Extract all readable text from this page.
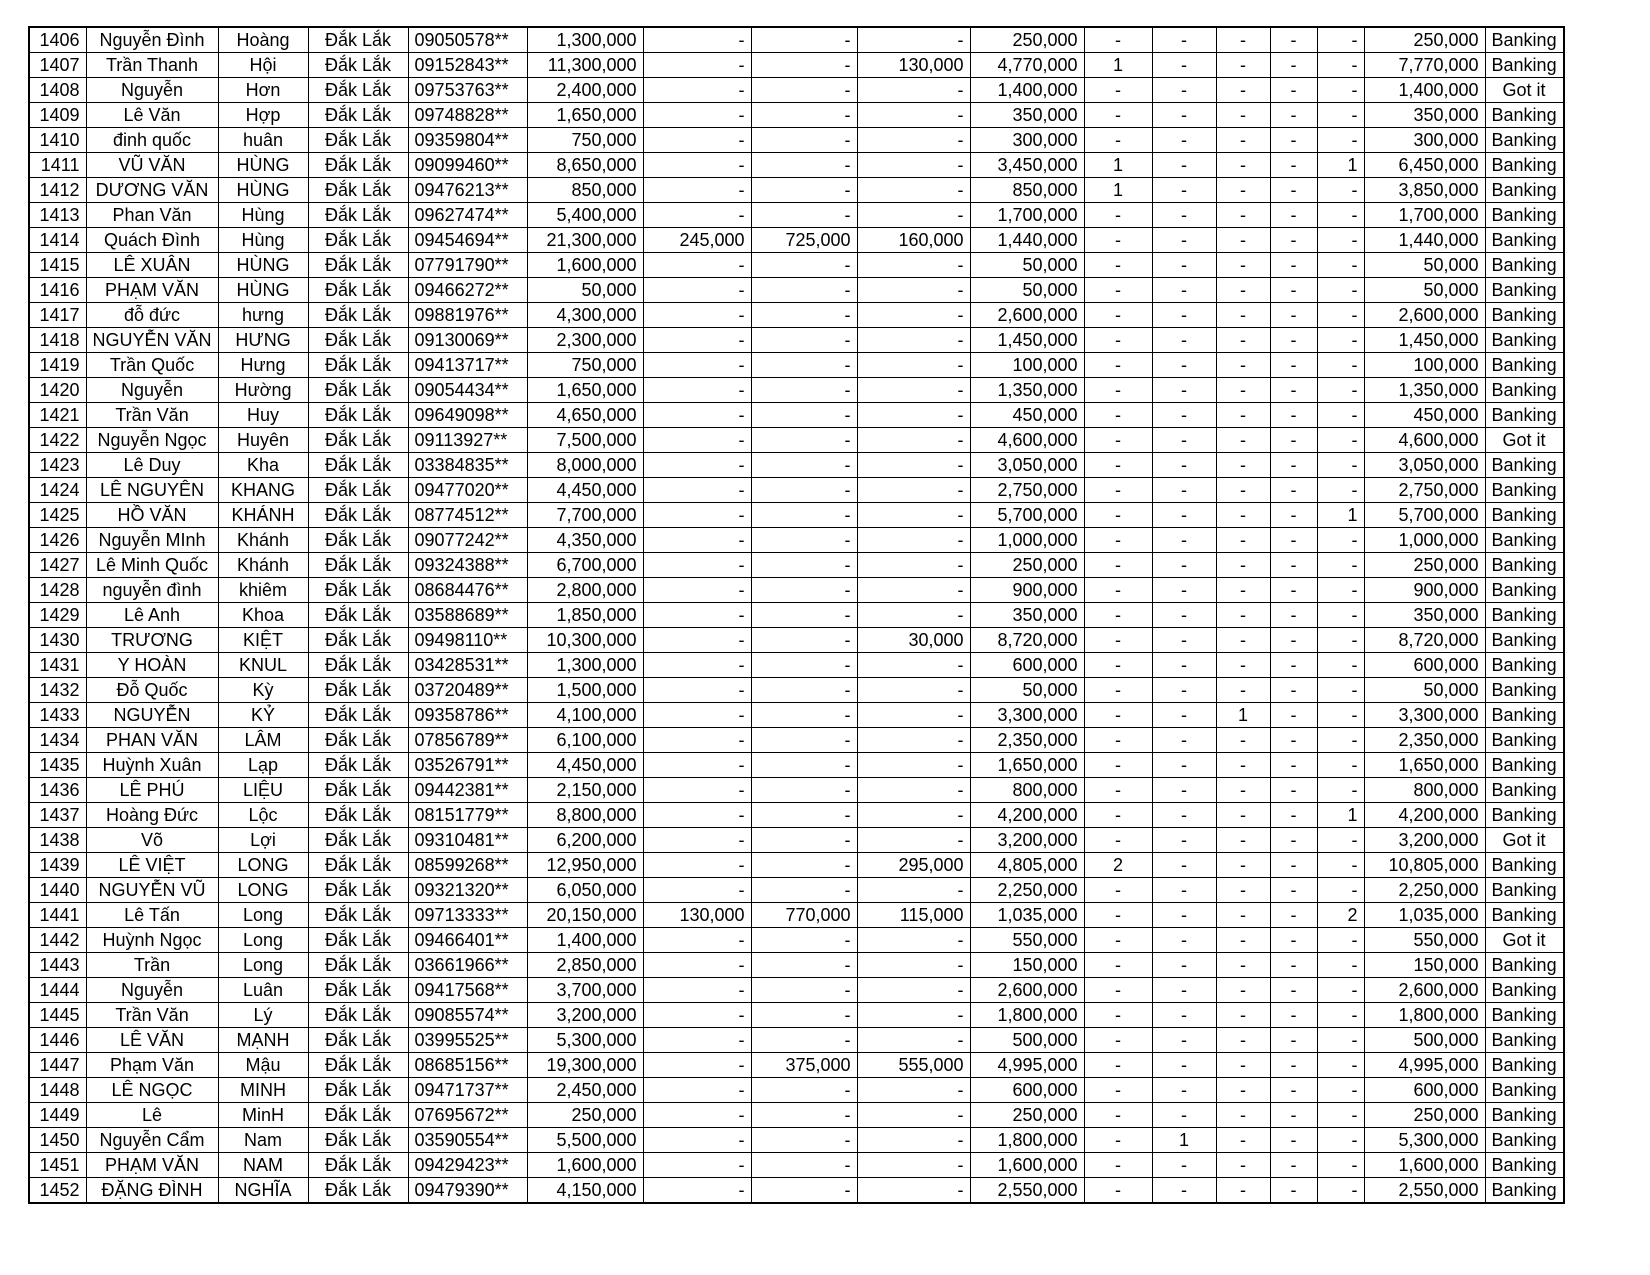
1406	Nguyễn Đình	Hoàng	Đắk Lắk	09050578**	1,300,000	-	-	-	250,000	-	-	-	-	-	250,000	Banking
1407	Trần Thanh	Hội	Đắk Lắk	09152843**	11,300,000	-	-	130,000	4,770,000	1	-	-	-	-	7,770,000	Banking
1408	Nguyễn	Hơn	Đắk Lắk	09753763**	2,400,000	-	-	-	1,400,000	-	-	-	-	-	1,400,000	Got it
1409	Lê Văn	Hợp	Đắk Lắk	09748828**	1,650,000	-	-	-	350,000	-	-	-	-	-	350,000	Banking
1410	đinh quốc	huân	Đắk Lắk	09359804**	750,000	-	-	-	300,000	-	-	-	-	-	300,000	Banking
1411	VŨ VĂN	HÙNG	Đắk Lắk	09099460**	8,650,000	-	-	-	3,450,000	1	-	-	-	1	6,450,000	Banking
1412	DƯƠNG VĂN	HÙNG	Đắk Lắk	09476213**	850,000	-	-	-	850,000	1	-	-	-	-	3,850,000	Banking
1413	Phan Văn	Hùng	Đắk Lắk	09627474**	5,400,000	-	-	-	1,700,000	-	-	-	-	-	1,700,000	Banking
1414	Quách Đình	Hùng	Đắk Lắk	09454694**	21,300,000	245,000	725,000	160,000	1,440,000	-	-	-	-	-	1,440,000	Banking
1415	LÊ XUÂN	HÙNG	Đắk Lắk	07791790**	1,600,000	-	-	-	50,000	-	-	-	-	-	50,000	Banking
1416	PHẠM VĂN	HÙNG	Đắk Lắk	09466272**	50,000	-	-	-	50,000	-	-	-	-	-	50,000	Banking
1417	đỗ đức	hưng	Đắk Lắk	09881976**	4,300,000	-	-	-	2,600,000	-	-	-	-	-	2,600,000	Banking
1418	NGUYỄN VĂN	HƯNG	Đắk Lắk	09130069**	2,300,000	-	-	-	1,450,000	-	-	-	-	-	1,450,000	Banking
1419	Trần Quốc	Hưng	Đắk Lắk	09413717**	750,000	-	-	-	100,000	-	-	-	-	-	100,000	Banking
1420	Nguyễn	Hường	Đắk Lắk	09054434**	1,650,000	-	-	-	1,350,000	-	-	-	-	-	1,350,000	Banking
1421	Trần Văn	Huy	Đắk Lắk	09649098**	4,650,000	-	-	-	450,000	-	-	-	-	-	450,000	Banking
1422	Nguyễn Ngọc	Huyên	Đắk Lắk	09113927**	7,500,000	-	-	-	4,600,000	-	-	-	-	-	4,600,000	Got it
1423	Lê Duy	Kha	Đắk Lắk	03384835**	8,000,000	-	-	-	3,050,000	-	-	-	-	-	3,050,000	Banking
1424	LÊ NGUYÊN	KHANG	Đắk Lắk	09477020**	4,450,000	-	-	-	2,750,000	-	-	-	-	-	2,750,000	Banking
1425	HỒ VĂN	KHÁNH	Đắk Lắk	08774512**	7,700,000	-	-	-	5,700,000	-	-	-	-	1	5,700,000	Banking
1426	Nguyễn MInh	Khánh	Đắk Lắk	09077242**	4,350,000	-	-	-	1,000,000	-	-	-	-	-	1,000,000	Banking
1427	Lê Minh Quốc	Khánh	Đắk Lắk	09324388**	6,700,000	-	-	-	250,000	-	-	-	-	-	250,000	Banking
1428	nguyễn đình	khiêm	Đắk Lắk	08684476**	2,800,000	-	-	-	900,000	-	-	-	-	-	900,000	Banking
1429	Lê Anh	Khoa	Đắk Lắk	03588689**	1,850,000	-	-	-	350,000	-	-	-	-	-	350,000	Banking
1430	TRƯƠNG	KIỆT	Đắk Lắk	09498110**	10,300,000	-	-	30,000	8,720,000	-	-	-	-	-	8,720,000	Banking
1431	Y HOÀN	KNUL	Đắk Lắk	03428531**	1,300,000	-	-	-	600,000	-	-	-	-	-	600,000	Banking
1432	Đỗ Quốc	Kỳ	Đắk Lắk	03720489**	1,500,000	-	-	-	50,000	-	-	-	-	-	50,000	Banking
1433	NGUYỄN	KỶ	Đắk Lắk	09358786**	4,100,000	-	-	-	3,300,000	-	-	1	-	-	3,300,000	Banking
1434	PHAN VĂN	LÂM	Đắk Lắk	07856789**	6,100,000	-	-	-	2,350,000	-	-	-	-	-	2,350,000	Banking
1435	Huỳnh Xuân	Lạp	Đắk Lắk	03526791**	4,450,000	-	-	-	1,650,000	-	-	-	-	-	1,650,000	Banking
1436	LÊ PHÚ	LIỆU	Đắk Lắk	09442381**	2,150,000	-	-	-	800,000	-	-	-	-	-	800,000	Banking
1437	Hoàng Đức	Lộc	Đắk Lắk	08151779**	8,800,000	-	-	-	4,200,000	-	-	-	-	1	4,200,000	Banking
1438	Võ	Lợi	Đắk Lắk	09310481**	6,200,000	-	-	-	3,200,000	-	-	-	-	-	3,200,000	Got it
1439	LÊ VIỆT	LONG	Đắk Lắk	08599268**	12,950,000	-	-	295,000	4,805,000	2	-	-	-	-	10,805,000	Banking
1440	NGUYỄN VŨ	LONG	Đắk Lắk	09321320**	6,050,000	-	-	-	2,250,000	-	-	-	-	-	2,250,000	Banking
1441	Lê Tấn	Long	Đắk Lắk	09713333**	20,150,000	130,000	770,000	115,000	1,035,000	-	-	-	-	2	1,035,000	Banking
1442	Huỳnh Ngọc	Long	Đắk Lắk	09466401**	1,400,000	-	-	-	550,000	-	-	-	-	-	550,000	Got it
1443	Trần	Long	Đắk Lắk	03661966**	2,850,000	-	-	-	150,000	-	-	-	-	-	150,000	Banking
1444	Nguyễn	Luân	Đắk Lắk	09417568**	3,700,000	-	-	-	2,600,000	-	-	-	-	-	2,600,000	Banking
1445	Trần Văn	Lý	Đắk Lắk	09085574**	3,200,000	-	-	-	1,800,000	-	-	-	-	-	1,800,000	Banking
1446	LÊ VĂN	MẠNH	Đắk Lắk	03995525**	5,300,000	-	-	-	500,000	-	-	-	-	-	500,000	Banking
1447	Phạm Văn	Mậu	Đắk Lắk	08685156**	19,300,000	-	375,000	555,000	4,995,000	-	-	-	-	-	4,995,000	Banking
1448	LÊ NGỌC	MINH	Đắk Lắk	09471737**	2,450,000	-	-	-	600,000	-	-	-	-	-	600,000	Banking
1449	Lê	MinH	Đắk Lắk	07695672**	250,000	-	-	-	250,000	-	-	-	-	-	250,000	Banking
1450	Nguyễn Cẩm	Nam	Đắk Lắk	03590554**	5,500,000	-	-	-	1,800,000	-	1	-	-	-	5,300,000	Banking
1451	PHẠM VĂN	NAM	Đắk Lắk	09429423**	1,600,000	-	-	-	1,600,000	-	-	-	-	-	1,600,000	Banking
1452	ĐẶNG ĐÌNH	NGHĨA	Đắk Lắk	09479390**	4,150,000	-	-	-	2,550,000	-	-	-	-	-	2,550,000	Banking
